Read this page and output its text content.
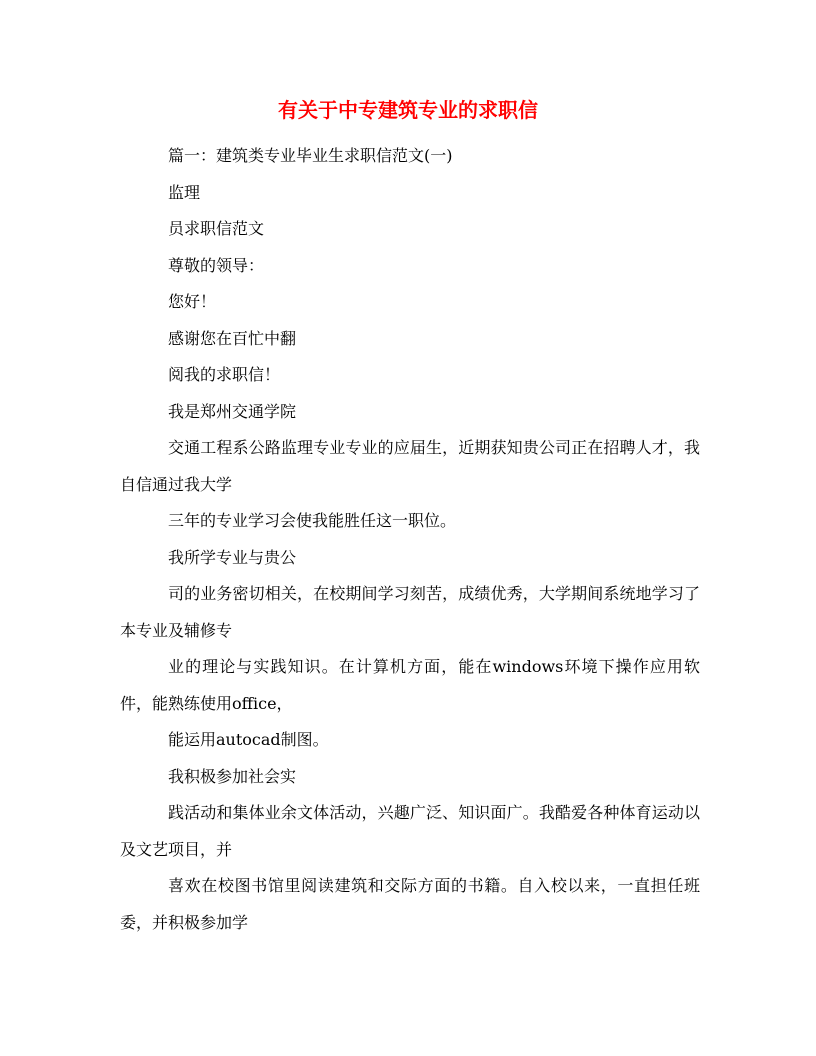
有关于中专建筑专业的求职信

篇一：建筑类专业毕业生求职信范文(一)

监理

员求职信范文

尊敬的领导：

您好！

感谢您在百忙中翻

阅我的求职信！

我是郑州交通学院

交通工程系公路监理专业专业的应届生，近期获知贵公司正在招聘人才，我自信通过我大学

三年的专业学习会使我能胜任这一职位。

我所学专业与贵公

司的业务密切相关，在校期间学习刻苦，成绩优秀，大学期间系统地学习了本专业及辅修专

业的理论与实践知识。在计算机方面，能在windows环境下操作应用软件，能熟练使用office，

能运用autocad制图。

我积极参加社会实

践活动和集体业余文体活动，兴趣广泛、知识面广。我酷爱各种体育运动以及文艺项目，并

喜欢在校图书馆里阅读建筑和交际方面的书籍。自入校以来，一直担任班委，并积极参加学
